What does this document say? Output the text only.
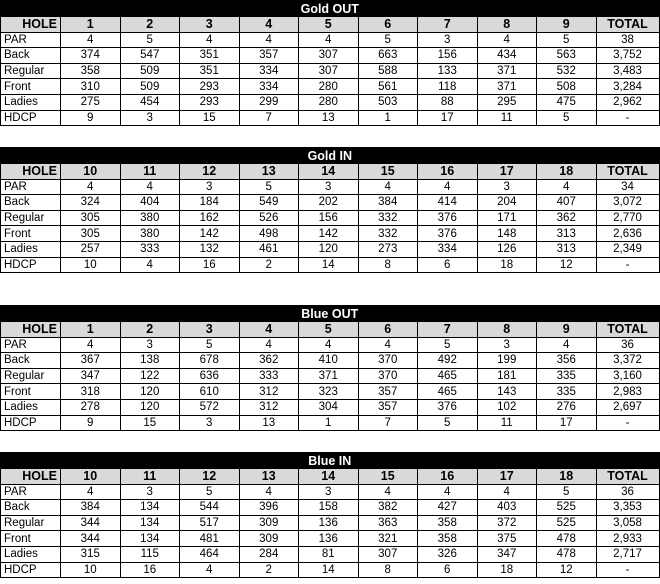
Gold OUT										
HOLE	1	2	3	4	5	6	7	8	9	TOTAL
PAR	4	5	4	4	4	5	3	4	5	38
Back	374	547	351	357	307	663	156	434	563	3,752
Regular	358	509	351	334	307	588	133	371	532	3,483
Front	310	509	293	334	280	561	118	371	508	3,284
Ladies	275	454	293	299	280	503	88	295	475	2,962
HDCP	9	3	15	7	13	1	17	11	5	-
Gold IN										
HOLE	10	11	12	13	14	15	16	17	18	TOTAL
PAR	4	4	3	5	3	4	4	3	4	34
Back	324	404	184	549	202	384	414	204	407	3,072
Regular	305	380	162	526	156	332	376	171	362	2,770
Front	305	380	142	498	142	332	376	148	313	2,636
Ladies	257	333	132	461	120	273	334	126	313	2,349
HDCP	10	4	16	2	14	8	6	18	12	-
Blue OUT										
HOLE	1	2	3	4	5	6	7	8	9	TOTAL
PAR	4	3	5	4	4	4	5	3	4	36
Back	367	138	678	362	410	370	492	199	356	3,372
Regular	347	122	636	333	371	370	465	181	335	3,160
Front	318	120	610	312	323	357	465	143	335	2,983
Ladies	278	120	572	312	304	357	376	102	276	2,697
HDCP	9	15	3	13	1	7	5	11	17	-
Blue IN										
HOLE	10	11	12	13	14	15	16	17	18	TOTAL
PAR	4	3	5	4	3	4	4	4	5	36
Back	384	134	544	396	158	382	427	403	525	3,353
Regular	344	134	517	309	136	363	358	372	525	3,058
Front	344	134	481	309	136	321	358	375	478	2,933
Ladies	315	115	464	284	81	307	326	347	478	2,717
HDCP	10	16	4	2	14	8	6	18	12	-
